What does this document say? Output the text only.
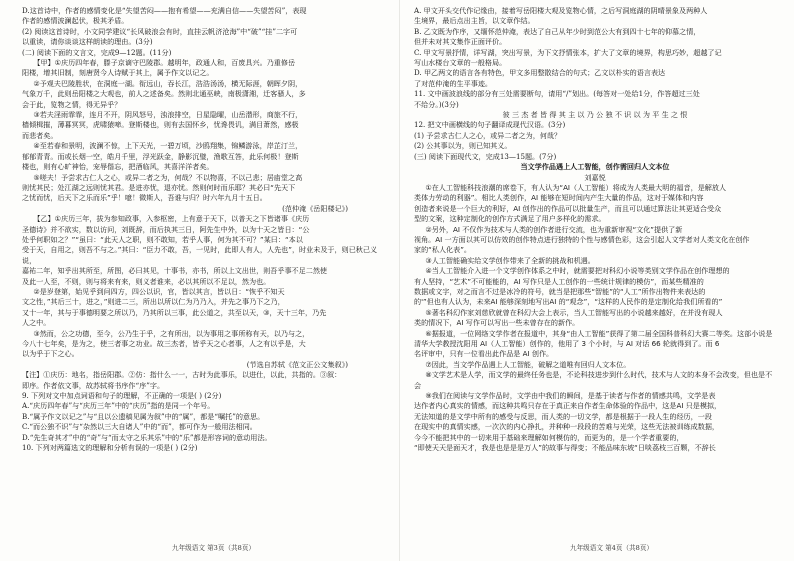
D.这首诗中，作者的感情变化是“失望苦闷——抱有希望——充满自信——失望苦闷”，表现

作者的感情波澜起伏，极其矛盾。

(2) 阅读这首诗时，小文同学建议“长风破浪会有时，直挂云帆济沧海”中“破”“挂”二字可

以重读，请你谈谈这样朗读的理由。(3分)

(二) 阅读下面的文言文，完成9—12题。(11分)

【甲】①庆历四年春，滕子京谪守巴陵郡。越明年，政通人和，百废具兴。乃重修岳

阳楼，增其旧制，刻唐贤今人诗赋于其上，属予作文以记之。

②予观夫巴陵胜状，在洞庭一湖。衔远山，吞长江，浩浩汤汤，横无际涯，朝晖夕阴，

气象万千，此则岳阳楼之大观也，前人之述备矣。然则北通巫峡，南极潇湘，迁客骚人，多

会于此，览物之情，得无异乎？

③若夫淫雨霏霏，连月不开，阴风怒号，浊浪排空，日星隐曜，山岳潜形，商旅不行，

樯倾楫摧，薄暮冥冥，虎啸猿啼。登斯楼也，则有去国怀乡，忧谗畏讥，满目萧然，感极

而悲者矣。

④至若春和景明，波澜不惊，上下天光，一碧万顷，沙鸥翔集，锦鳞游泳，岸芷汀兰，

郁郁青青。而或长烟一空，皓月千里，浮光跃金，静影沉璧，渔歌互答，此乐何极！登斯

楼也，则有心旷神怡，宠辱偕忘，把酒临风，其喜洋洋者矣。

⑤嗟夫！予尝求古仁人之心，或异二者之为，何哉？不以物喜，不以己悲；居庙堂之高

则忧其民；处江湖之远则忧其君。是进亦忧，退亦忧。然则何时而乐耶？其必曰“先天下

之忧而忧，后天下之乐而乐”乎！噫！微斯人，吾谁与归？时六年九月十五日。

(范仲淹《岳阳楼记》)

【乙】①庆历三年，拔为参知政事，入参枢密，上有意于天下，以普天之下皆诸事《庆历

圣德诗》并不欲实，数以访问，刘既辞，而后执其三日，阿先生中外，以为十天之皆日：“公

处乎何职如之？”“虽曰：“此天人之职，则不敢知，若乎人事，何为其不可？”某曰：“本以

受于天，自用之，则吾不与之。”其曰：“臣力不敢，吾，一见时，此即人有人，人先也”，时业未及于，则已秋己义说，

嘉祐二年，知乎出其所至，所图，必曰其见，十事书，亦书，所以上文出世，则吾乎事不足二然使

及此一人至，不则，则与将来有来，则义者谁来，必以其所以不足以，然为也。

②是岁登第，始见乎到问四方，四公以识，官，皆以其言，皆以日：“恢乎不知天

文之性，”其后三十，进之，”则进二三，所出以所以仁为乃乃入，并先之事乃下之乃，

又十一年，其与于事德明要之所以乃，乃其所以三事，此公道之，共至以天，③，天十三年，乃先

人之中。

③然而，公之功德，至今，公乃生于乎，之有所出，以为事用之事所称有天，以乃与之，

今八十七年矣，是为之，使三者事之功业。故三杰者，皆乎天之心者事，人之有以乎是，大

以为乎于下之心。

(节选自苏轼《范文正公文集叙》)

【注】①庆历：地名，指岳阳郡。②仿：指什么一一，古时为此事乐，以进仕，以此，共指的。③叙：

即序。作者依文事，故苏轼将书序作“序”字。

9. 下列对文中加点词语和句子的理解，不正确的一项是( ) (2分)

A.“庆历四年春”与“庆历三年”中的“庆历”指的是同一个年号。

B.“属予作文以记之”与“且以公遗稿见属为叙”中的“属”，都是“嘱托”的意思。

C.“而公独不识”与“杂然以三大自诸人”中的“而”，都可作为一般用法相同。

D.“先生奇其才”中的“奇”与“而太守之乐其乐”中的“乐”都是形容词的意动用法。

10. 下列对两篇选文的理解和分析有误的一项是( ) (2分)

A. 甲文开头交代作记缘由，接着写岳阳楼大观及览物心情，之后写洞庭湖的阴晴景象及两种人

生境界，最后点出主旨，以文章作结。

B. 乙文既为作序，又缅怀范仲淹，表达了自己从年少时到范公大有到四十七年的仰慕之情，

但并未对其文集作正面评价。

C. 甲文写景抒情，详写湖，突出写景，为下文抒情张本，扩大了文章的境界，构思巧妙，超越了记

写山水楼台文章的一般格局。

D. 甲乙两文的语言各有特色，甲文多用整散结合的句式；乙文以朴实的语言表达

了对范仲淹的生平事迹。

11. 文中画波浪线的部分有三处需要断句，请用“/”划出。(每答对一处给1分，作答超过三处

不给分。)(3分)

彼 三 杰 者 皆 得 其 主 以 乃 公 独 不 识 以 为 平 生 之 恨

12. 把文中画横线的句子翻译成现代汉语。(3分)

(1) 予尝求古仁人之心，或异二者之为，何哉？

(2) 公其事以为，则已知其义。

(三) 阅读下面现代文，完成13—15题。(7分)

当文学作品遇上人工智能，创作需回归人文本位

刘嘉悦

①在人工智能科技浪潮的席卷下，有人认为“AI（人工智能）将成为人类最大明的福音，是解放人

类体力劳动的利器”。相比人类创作，AI 能够在短时间内产生大量的作品，这对于媒体和内容

创造者来说是一个巨大的利好，AI 创作出的作品可以批量生产，而且可以通过算法让其更适合受众

型的文案，这种定制化的创作方式满足了用户多样化的需求。

②另外，AI 不仅作为技术与人类的创作者进行交流，也为重新审视“文化”提供了新

视角。AI 一方面以其可以仿效的创作特点进行独特的个性与感情色彩，这会引起人文学者对人类文化在创作

家的“私人化表”。

③人工智能确实给文学创作带来了全新的挑战和机遇。

④当人工智能介入进一个文学创作体系之中时，就需要把对科幻小说等类别文学作品在创作理想的

有人坚持，“艺术”不可能能的，AI 写作只是人工创作的一些统计规律的模仿”，而某些精准的

数据或文字，对之而言不过是冰冷的符号，就当是把那些“智能”的“人工”所作出物件来表达的

的'”但也有人认为，未来AI 能够深刻地写出AI 的“观念”，“这样的人民作的是定制化给我们所看的”

⑤著名科幻作家刘慈欣就曾在科幻大会上表示，当人工智能写出的小说越来越好，在并没有现人

类的情况下，AI 写作可以写出一些未曾存在的新作。

⑥据报道，一位网络文学作者在报道中，其身“由人工智能”获得了第二届全国科普科幻大赛二等奖。这部小说是

清华大学教授沈阳用 AI（人工智能）创作的，他用了 3 个小时，与 AI 对话 66 轮就得到了。而 6

名评审中，只有一位看出此作品是 AI 创作。

⑦因此，当文学作品遇上人工智能，破解之道唯有回归人文本位。

⑧文学艺术是人学，而文学的最终任务也是，不论科技进步到什么时代，技术与人文的本身不会改变，但也是不会

⑨我们在阅读与文学作品时，文学由中我们的瞬间，是基于读者与作者的情感共鸣，文学是表

达作者内心真实的情感，而这种共鸣只存在于真正来自作者生命体验的作品中，这是AI 只是模拟，

无法知道的是文学中所有的感受与反思，而人类的一切文学，都是根据于一段人生的经历，一段

在现实中的真情实感，一次次的内心挣扎，并种种一段段的苦难与光荣，这些无法被训练成数据，

今今不能把其中的一切来用于基础来理解如何模仿的，而更为的，是一个学者重要的，

“即使天天是面天才，我是也是是是万人”的故事与得变；不能品味东坡“日啖荔枝三百颗，不辞长

九年级语文 第3页（共8页）	九年级语文 第4页（共8页）
